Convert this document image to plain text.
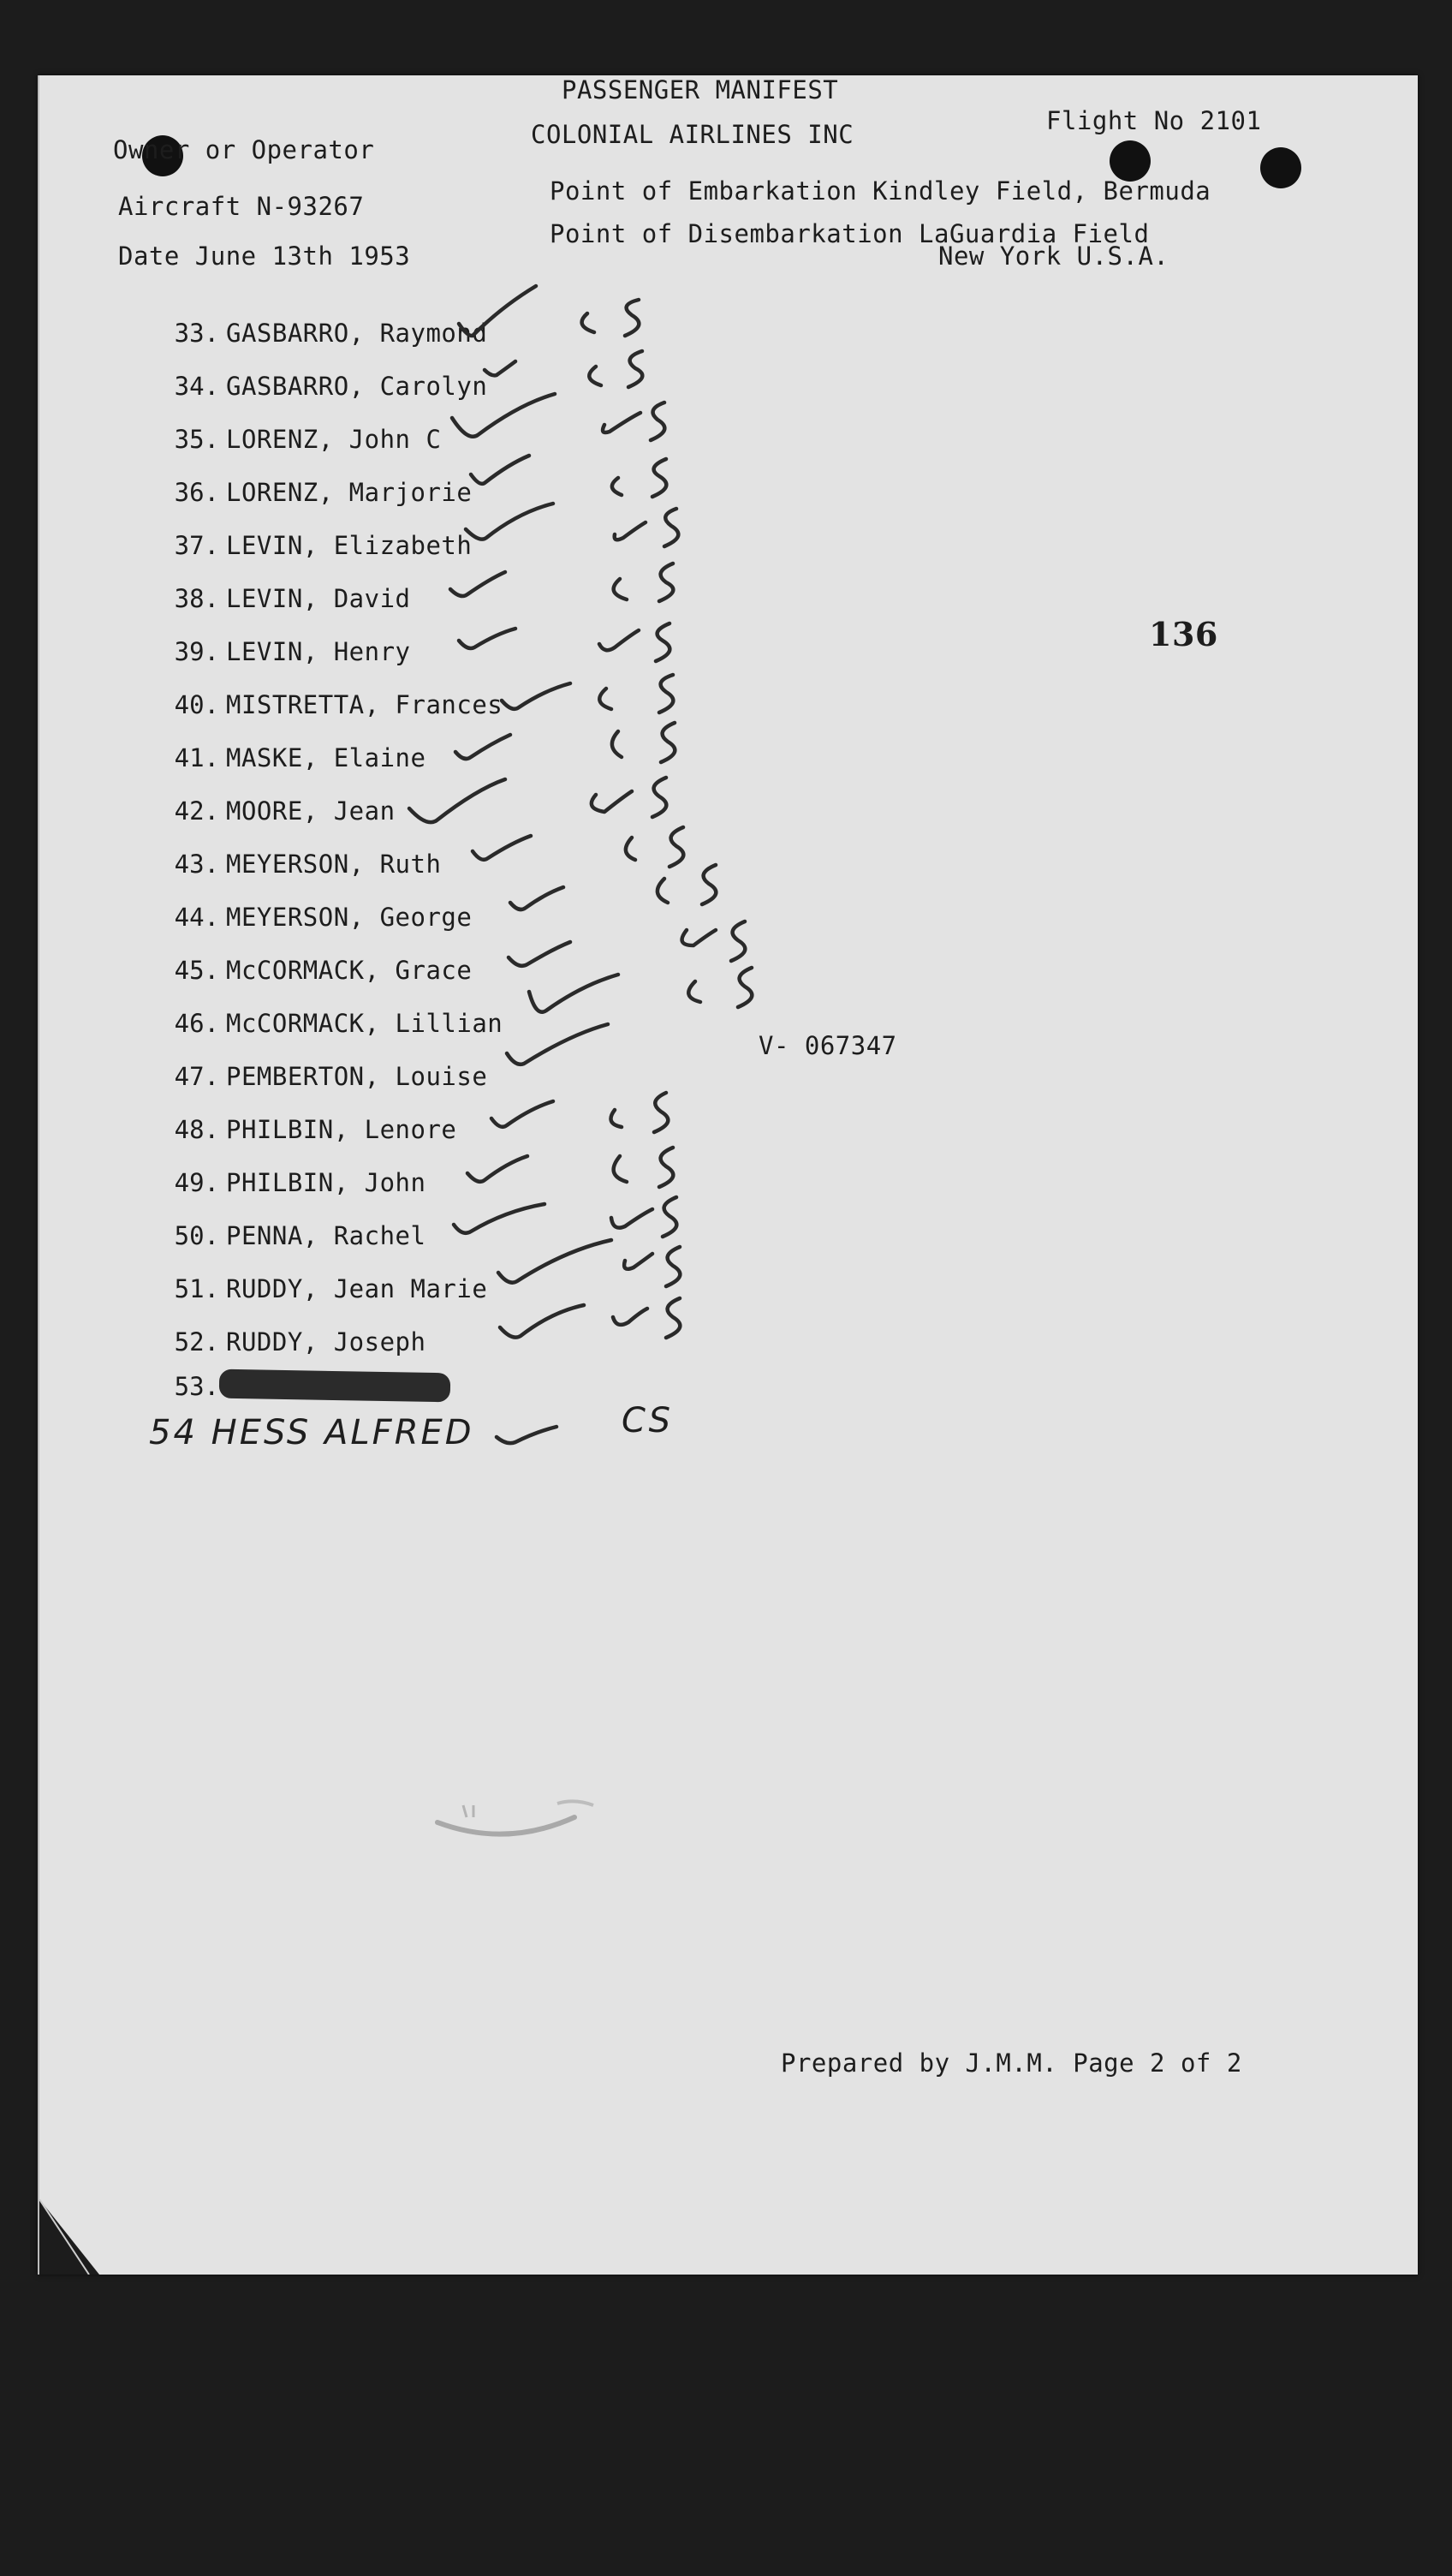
PASSENGER MANIFEST
Owner or Operator
COLONIAL AIRLINES INC	Flight No 2101
Aircraft N-93267
Point of Embarkation Kindley Field, Bermuda
Date June 13th 1953
Point of Disembarkation LaGuardia Field
New York U.S.A.
136
V- 067347
33. GASBARRO, Raymond
34. GASBARRO, Carolyn
35. LORENZ, John C
36. LORENZ, Marjorie
37. LEVIN, Elizabeth
38. LEVIN, David
39. LEVIN, Henry
40. MISTRETTA, Frances
41. MASKE, Elaine
42. MOORE, Jean
43. MEYERSON, Ruth
44. MEYERSON, George
45. McCORMACK, Grace
46. McCORMACK, Lillian
47. PEMBERTON, Louise
48. PHILBIN, Lenore
49. PHILBIN, John
50. PENNA, Rachel
51. RUDDY, Jean Marie
52. RUDDY, Joseph
53.
54 HESS ALFRED	CS
Prepared by J.M.M. Page 2 of 2
